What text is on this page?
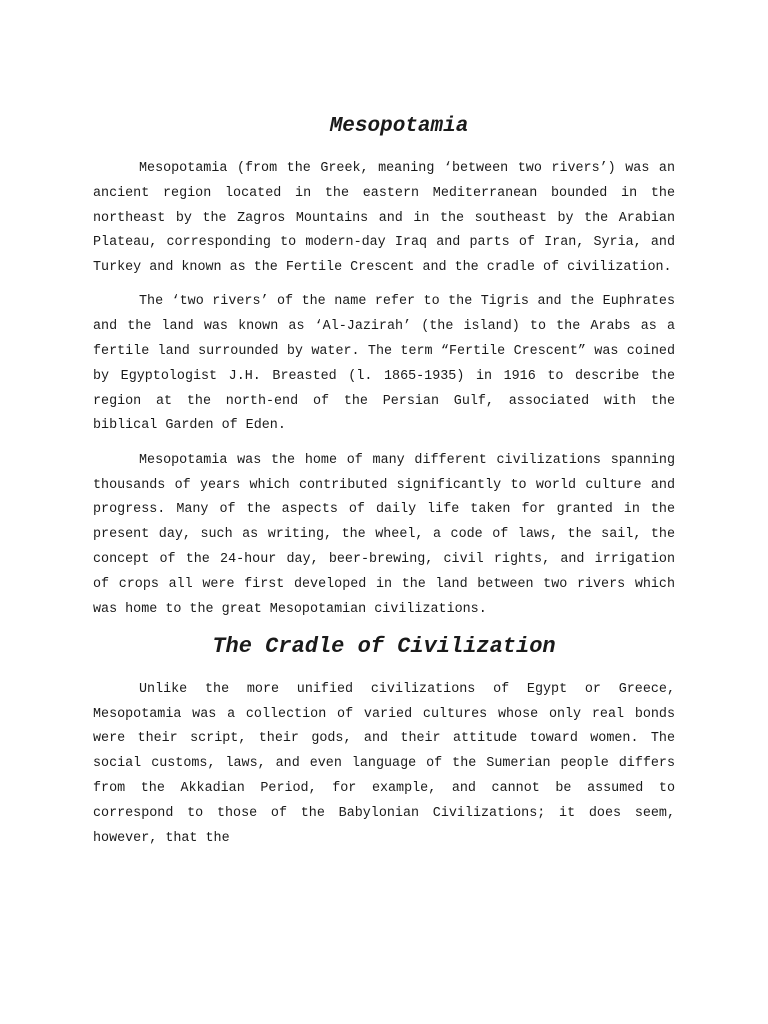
Mesopotamia

Mesopotamia (from the Greek, meaning ‘between two rivers’) was an ancient region located in the eastern Mediterranean bounded in the northeast by the Zagros Mountains and in the southeast by the Arabian Plateau, corresponding to modern-day Iraq and parts of Iran, Syria, and Turkey and known as the Fertile Crescent and the cradle of civilization.

The ‘two rivers’ of the name refer to the Tigris and the Euphrates and the land was known as ‘Al-Jazirah’ (the island) to the Arabs as a fertile land surrounded by water. The term “Fertile Crescent” was coined by Egyptologist J.H. Breasted (l. 1865-1935) in 1916 to describe the region at the north-end of the Persian Gulf, associated with the biblical Garden of Eden.

Mesopotamia was the home of many different civilizations spanning thousands of years which contributed significantly to world culture and progress. Many of the aspects of daily life taken for granted in the present day, such as writing, the wheel, a code of laws, the sail, the concept of the 24-hour day, beer-brewing, civil rights, and irrigation of crops all were first developed in the land between two rivers which was home to the great Mesopotamian civilizations.

The Cradle of Civilization

Unlike the more unified civilizations of Egypt or Greece, Mesopotamia was a collection of varied cultures whose only real bonds were their script, their gods, and their attitude toward women. The social customs, laws, and even language of the Sumerian people differs from the Akkadian Period, for example, and cannot be assumed to correspond to those of the Babylonian Civilizations; it does seem, however, that the
